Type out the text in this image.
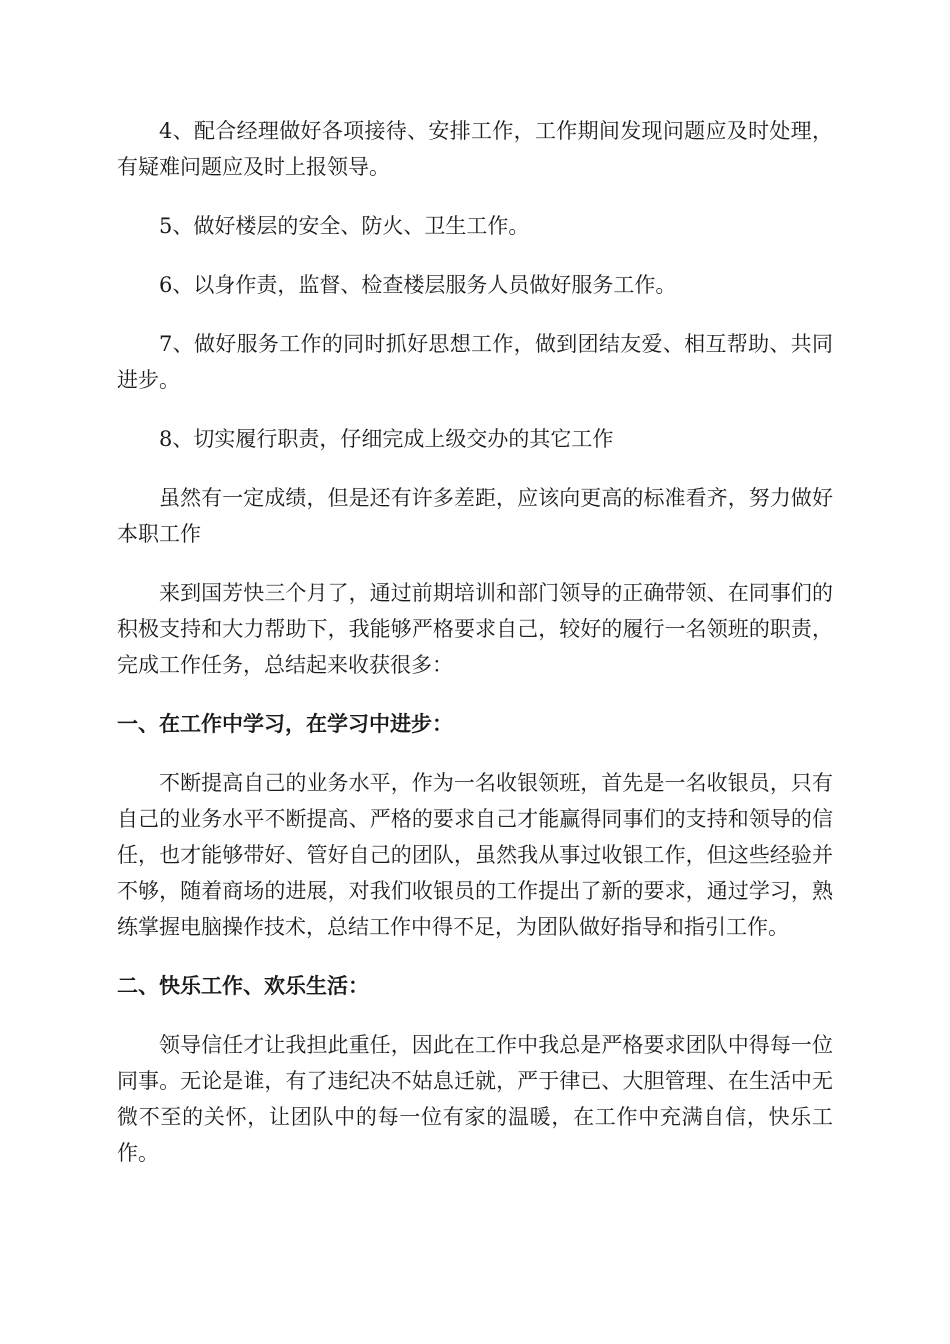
4、配合经理做好各项接待、安排工作，工作期间发现问题应及时处理，有疑难问题应及时上报领导。

5、做好楼层的安全、防火、卫生工作。

6、以身作责，监督、检查楼层服务人员做好服务工作。

7、做好服务工作的同时抓好思想工作，做到团结友爱、相互帮助、共同进步。

8、切实履行职责，仔细完成上级交办的其它工作

虽然有一定成绩，但是还有许多差距，应该向更高的标准看齐，努力做好本职工作

来到国芳快三个月了，通过前期培训和部门领导的正确带领、在同事们的积极支持和大力帮助下，我能够严格要求自己，较好的履行一名领班的职责，完成工作任务，总结起来收获很多：

一、在工作中学习，在学习中进步：

不断提高自己的业务水平，作为一名收银领班，首先是一名收银员，只有自己的业务水平不断提高、严格的要求自己才能赢得同事们的支持和领导的信任，也才能够带好、管好自己的团队，虽然我从事过收银工作，但这些经验并不够，随着商场的进展，对我们收银员的工作提出了新的要求，通过学习，熟练掌握电脑操作技术，总结工作中得不足，为团队做好指导和指引工作。

二、快乐工作、欢乐生活：

领导信任才让我担此重任，因此在工作中我总是严格要求团队中得每一位同事。无论是谁，有了违纪决不姑息迁就，严于律已、大胆管理、在生活中无微不至的关怀，让团队中的每一位有家的温暖，在工作中充满自信，快乐工作。
